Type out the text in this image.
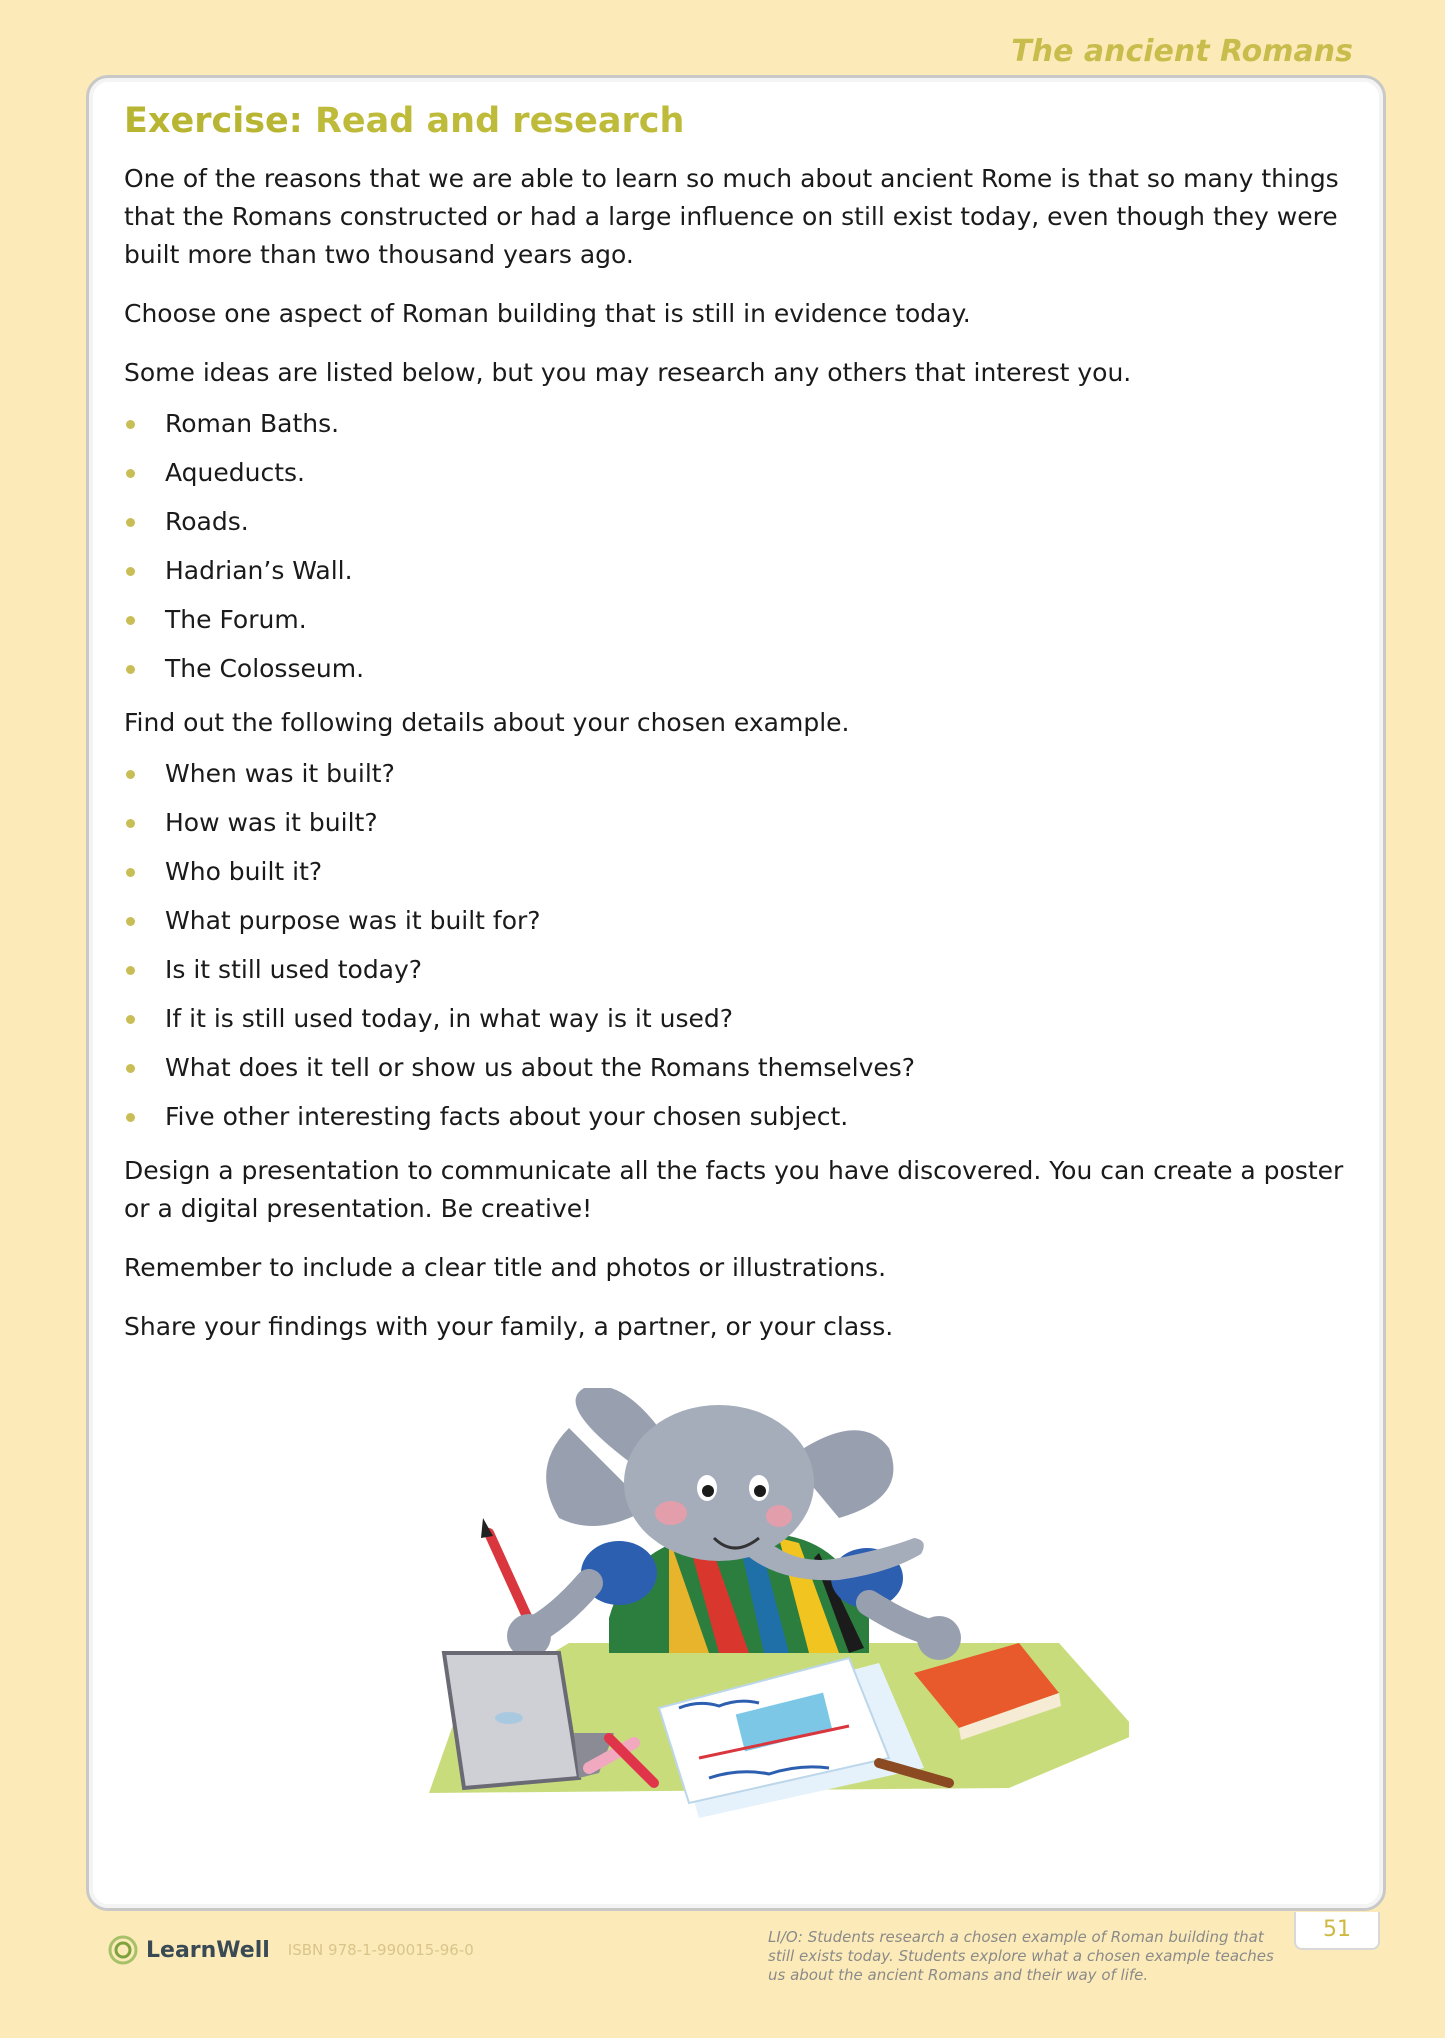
The ancient Romans
Exercise: Read and research

One of the reasons that we are able to learn so much about ancient Rome is that so many things that the Romans constructed or had a large influence on still exist today, even though they were built more than two thousand years ago.

Choose one aspect of Roman building that is still in evidence today.

Some ideas are listed below, but you may research any others that interest you.

Roman Baths.
Aqueducts.
Roads.
Hadrian’s Wall.
The Forum.
The Colosseum.

Find out the following details about your chosen example.

When was it built?
How was it built?
Who built it?
What purpose was it built for?
Is it still used today?
If it is still used today, in what way is it used?
What does it tell or show us about the Romans themselves?
Five other interesting facts about your chosen subject.

Design a presentation to communicate all the facts you have discovered. You can create a poster or a digital presentation. Be creative!

Remember to include a clear title and photos or illustrations.

Share your findings with your family, a partner, or your class.

51
LearnWell ISBN 978-1-990015-96-0
LI/O: Students research a chosen example of Roman building that still exists today. Students explore what a chosen example teaches us about the ancient Romans and their way of life.
